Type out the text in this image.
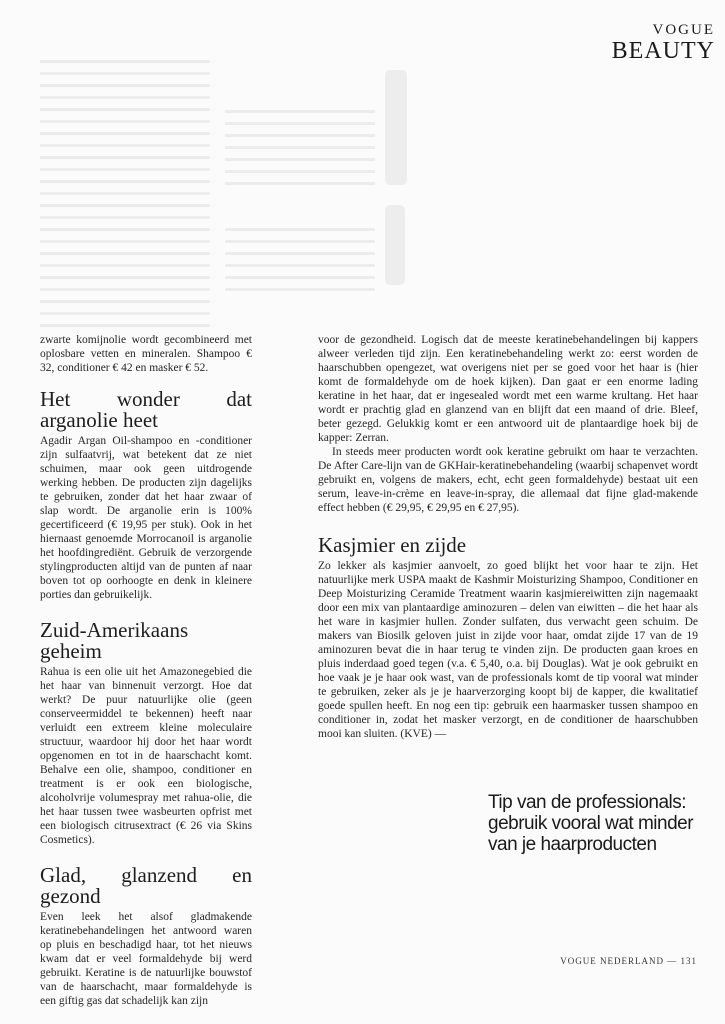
VOGUE
BEAUTY

zwarte komijnolie wordt gecombineerd met oplosbare vetten en mineralen. Shampoo € 32, conditioner € 42 en masker € 52.

Het wonder dat arganolie heet

Agadir Argan Oil-shampoo en -conditioner zijn sulfaatvrij, wat betekent dat ze niet schuimen, maar ook geen uitdrogende werking hebben. De producten zijn dagelijks te gebruiken, zonder dat het haar zwaar of slap wordt. De arganolie erin is 100% gecertificeerd (€ 19,95 per stuk). Ook in het hiernaast genoemde Morrocanoil is arganolie het hoofdingrediënt. Gebruik de verzorgende stylingproducten altijd van de punten af naar boven tot op oorhoogte en denk in kleinere porties dan gebruikelijk.

Zuid-Amerikaans geheim

Rahua is een olie uit het Amazonegebied die het haar van binnenuit verzorgt. Hoe dat werkt? De puur natuurlijke olie (geen conserveermiddel te bekennen) heeft naar verluidt een extreem kleine moleculaire structuur, waardoor hij door het haar wordt opgenomen en tot in de haarschacht komt. Behalve een olie, shampoo, conditioner en treatment is er ook een biologische, alcoholvrije volumespray met rahua-olie, die het haar tussen twee wasbeurten opfrist met een biologisch citrusextract (€ 26 via Skins Cosmetics).

Glad, glanzend en gezond

Even leek het alsof gladmakende keratinebehandelingen het antwoord waren op pluis en beschadigd haar, tot het nieuws kwam dat er veel formaldehyde bij werd gebruikt. Keratine is de natuurlijke bouwstof van de haarschacht, maar formaldehyde is een giftig gas dat schadelijk kan zijn

voor de gezondheid. Logisch dat de meeste keratinebehandelingen bij kappers alweer verleden tijd zijn. Een keratinebehandeling werkt zo: eerst worden de haarschubben opengezet, wat overigens niet per se goed voor het haar is (hier komt de formaldehyde om de hoek kijken). Dan gaat er een enorme lading keratine in het haar, dat er ingesealed wordt met een warme krultang. Het haar wordt er prachtig glad en glanzend van en blijft dat een maand of drie. Bleef, beter gezegd. Gelukkig komt er een antwoord uit de plantaardige hoek bij de kapper: Zerran.

In steeds meer producten wordt ook keratine gebruikt om haar te verzachten. De After Care-lijn van de GKHair-keratinebehandeling (waarbij schapenvet wordt gebruikt en, volgens de makers, echt, echt geen formaldehyde) bestaat uit een serum, leave-in-crème en leave-in-spray, die allemaal dat fijne glad-makende effect hebben (€ 29,95, € 29,95 en € 27,95).

Kasjmier en zijde

Zo lekker als kasjmier aanvoelt, zo goed blijkt het voor haar te zijn. Het natuurlijke merk USPA maakt de Kashmir Moisturizing Shampoo, Conditioner en Deep Moisturizing Ceramide Treatment waarin kasjmiereiwitten zijn nagemaakt door een mix van plantaardige aminozuren – delen van eiwitten – die het haar als het ware in kasjmier hullen. Zonder sulfaten, dus verwacht geen schuim. De makers van Biosilk geloven juist in zijde voor haar, omdat zijde 17 van de 19 aminozuren bevat die in haar terug te vinden zijn. De producten gaan kroes en pluis inderdaad goed tegen (v.a. € 5,40, o.a. bij Douglas). Wat je ook gebruikt en hoe vaak je je haar ook wast, van de professionals komt de tip vooral wat minder te gebruiken, zeker als je je haarverzorging koopt bij de kapper, die kwalitatief goede spullen heeft. En nog een tip: gebruik een haarmasker tussen shampoo en conditioner in, zodat het masker verzorgt, en de conditioner de haarschubben mooi kan sluiten. (KVE) —

Tip van de professionals: gebruik vooral wat minder van je haarproducten
VOGUE NEDERLAND — 131
